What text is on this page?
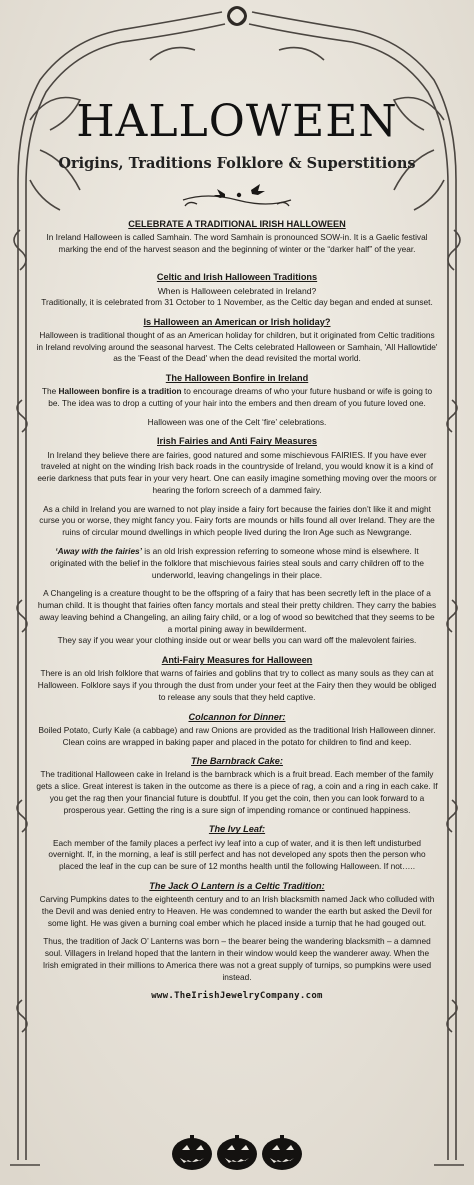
HALLOWEEN
Origins, Traditions Folklore & Superstitions
CELEBRATE A TRADITIONAL IRISH HALLOWEEN

In Ireland Halloween is called Samhain. The word Samhain is pronounced SOW-in. It is a Gaelic festival marking the end of the harvest season and the beginning of winter or the “darker half” of the year.

Celtic and Irish Halloween Traditions
When is Halloween celebrated in Ireland?

Traditionally, it is celebrated from 31 October to 1 November, as the Celtic day began and ended at sunset.

Is Halloween an American or Irish holiday?

Halloween is traditional thought of as an American holiday for children, but it originated from Celtic traditions in Ireland revolving around the seasonal harvest. The Celts celebrated Halloween or Samhain, 'All Hallowtide' as the 'Feast of the Dead' when the dead revisited the mortal world.

The Halloween Bonfire in Ireland

The Halloween bonfire is a tradition to encourage dreams of who your future husband or wife is going to be. The idea was to drop a cutting of your hair into the embers and then dream of you future loved one.

Halloween was one of the Celt ‘fire’ celebrations.

Irish Fairies and Anti Fairy Measures

In Ireland they believe there are fairies, good natured and some mischievous FAIRIES. If you have ever traveled at night on the winding Irish back roads in the countryside of Ireland, you would know it is a kind of eerie darkness that puts fear in your very heart. One can easily imagine something moving over the moors or hearing the forlorn screech of a dammed fairy.

As a child in Ireland you are warned to not play inside a fairy fort because the fairies don’t like it and might curse you or worse, they might fancy you. Fairy forts are mounds or hills found all over Ireland. They are the ruins of circular mound dwellings in which people lived during the Iron Age such as Newgrange.

‘Away with the fairies’ is an old Irish expression referring to someone whose mind is elsewhere. It originated with the belief in the folklore that mischievous fairies steal souls and carry children off to the underworld, leaving changelings in their place.

A Changeling is a creature thought to be the offspring of a fairy that has been secretly left in the place of a human child. It is thought that fairies often fancy mortals and steal their pretty children. They carry the babies away leaving behind a Changeling, an ailing fairy child, or a log of wood so bewitched that they seems to be a mortal pining away in bewilderment.

They say if you wear your clothing inside out or wear bells you can ward off the malevolent fairies.

Anti-Fairy Measures for Halloween

There is an old Irish folklore that warns of fairies and goblins that try to collect as many souls as they can at Halloween. Folklore says if you through the dust from under your feet at the Fairy then they would be obliged to release any souls that they held captive.

Colcannon for Dinner:

Boiled Potato, Curly Kale (a cabbage) and raw Onions are provided as the traditional Irish Halloween dinner. Clean coins are wrapped in baking paper and placed in the potato for children to find and keep.

The Barnbrack Cake:

The traditional Halloween cake in Ireland is the barnbrack which is a fruit bread. Each member of the family gets a slice. Great interest is taken in the outcome as there is a piece of rag, a coin and a ring in each cake. If you get the rag then your financial future is doubtful. If you get the coin, then you can look forward to a prosperous year. Getting the ring is a sure sign of impending romance or continued happiness.

The Ivy Leaf:

Each member of the family places a perfect ivy leaf into a cup of water, and it is then left undisturbed overnight. If, in the morning, a leaf is still perfect and has not developed any spots then the person who placed the leaf in the cup can be sure of 12 months health until the following Halloween. If not…..

The Jack O Lantern is a Celtic Tradition:

Carving Pumpkins dates to the eighteenth century and to an Irish blacksmith named Jack who colluded with the Devil and was denied entry to Heaven. He was condemned to wander the earth but asked the Devil for some light. He was given a burning coal ember which he placed inside a turnip that he had gouged out.

Thus, the tradition of Jack O’ Lanterns was born – the bearer being the wandering blacksmith – a damned soul. Villagers in Ireland hoped that the lantern in their window would keep the wanderer away. When the Irish emigrated in their millions to America there was not a great supply of turnips, so pumpkins were used instead.

www.TheIrishJewelryCompany.com
